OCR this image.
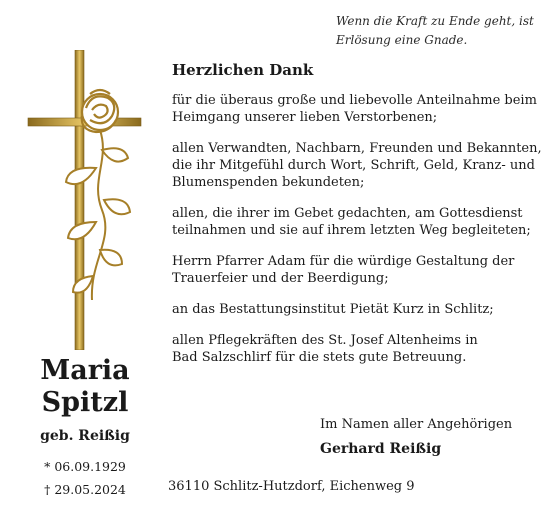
Wenn die Kraft zu Ende geht, ist
Erlösung eine Gnade.
Maria
Spitzl
geb. Reißig
* 06.09.1929
† 29.05.2024
Herzlichen Dank
für die überaus große und liebevolle Anteilnahme beim
Heimgang unserer lieben Verstorbenen;
allen Verwandten, Nachbarn, Freunden und Bekannten,
die ihr Mitgefühl durch Wort, Schrift, Geld, Kranz- und
Blumenspenden bekundeten;
allen, die ihrer im Gebet gedachten, am Gottesdienst
teilnahmen und sie auf ihrem letzten Weg begleiteten;
Herrn Pfarrer Adam für die würdige Gestaltung der
Trauerfeier und der Beerdigung;
an das Bestattungsinstitut Pietät Kurz in Schlitz;
allen Pflegekräften des St. Josef Altenheims in
Bad Salzschlirf für die stets gute Betreuung.
Im Namen aller Angehörigen
Gerhard Reißig
36110 Schlitz-Hutzdorf, Eichenweg 9
